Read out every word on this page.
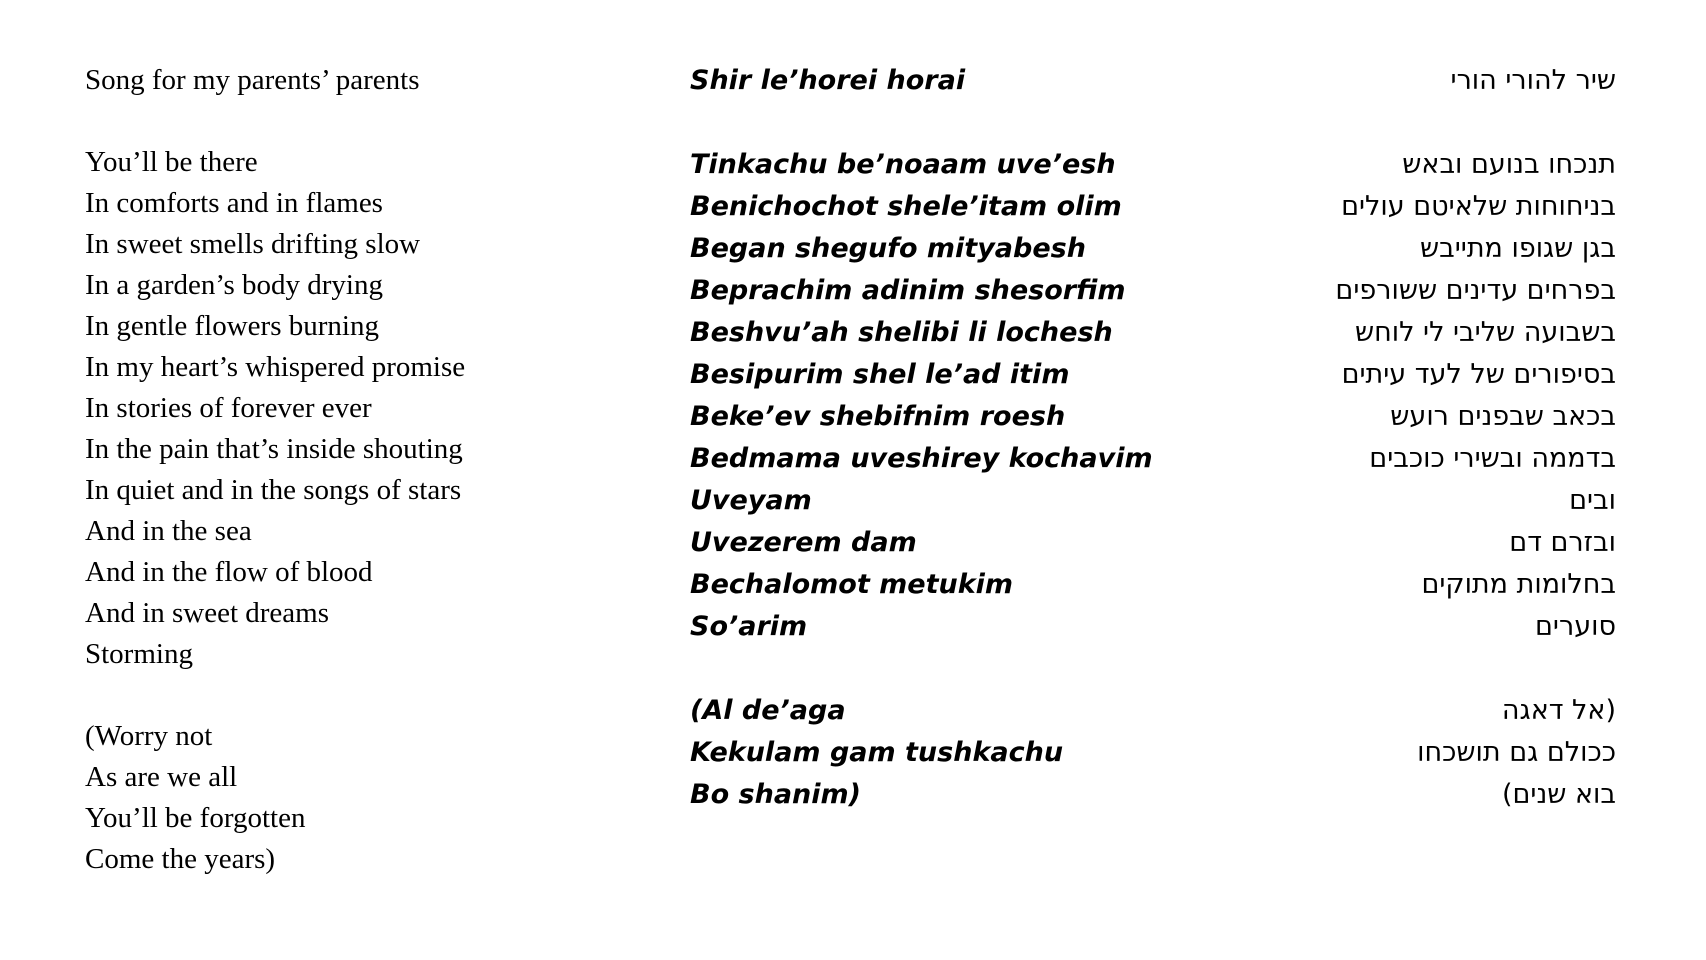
Song for my parents’ parents
You’ll be there
In comforts and in flames
In sweet smells drifting slow
In a garden’s body drying
In gentle flowers burning
In my heart’s whispered promise
In stories of forever ever
In the pain that’s inside shouting
In quiet and in the songs of stars
And in the sea
And in the flow of blood
And in sweet dreams
Storming
(Worry not
As are we all
You’ll be forgotten
Come the years)
Shir le’horei horai
Tinkachu be’noaam uve’esh
Benichochot shele’itam olim
Began shegufo mityabesh
Beprachim adinim shesorfim
Beshvu’ah shelibi li lochesh
Besipurim shel le’ad itim
Beke’ev shebifnim roesh
Bedmama uveshirey kochavim
Uveyam
Uvezerem dam
Bechalomot metukim
So’arim
(Al de’aga
Kekulam gam tushkachu
Bo shanim)
שיר להורי הורי
תנכחו בנועם ובאש
בניחוחות שלאיטם עולים
בגן שגופו מתייבש
בפרחים עדינים ששורפים
בשבועה שליבי לי לוחש
בסיפורים של לעד עיתים
בכאב שבפנים רועש
בדממה ובשירי כוכבים
ובים
ובזרם דם
בחלומות מתוקים
סוערים
(אל דאגה
ככולם גם תושכחו
בוא שנים)
